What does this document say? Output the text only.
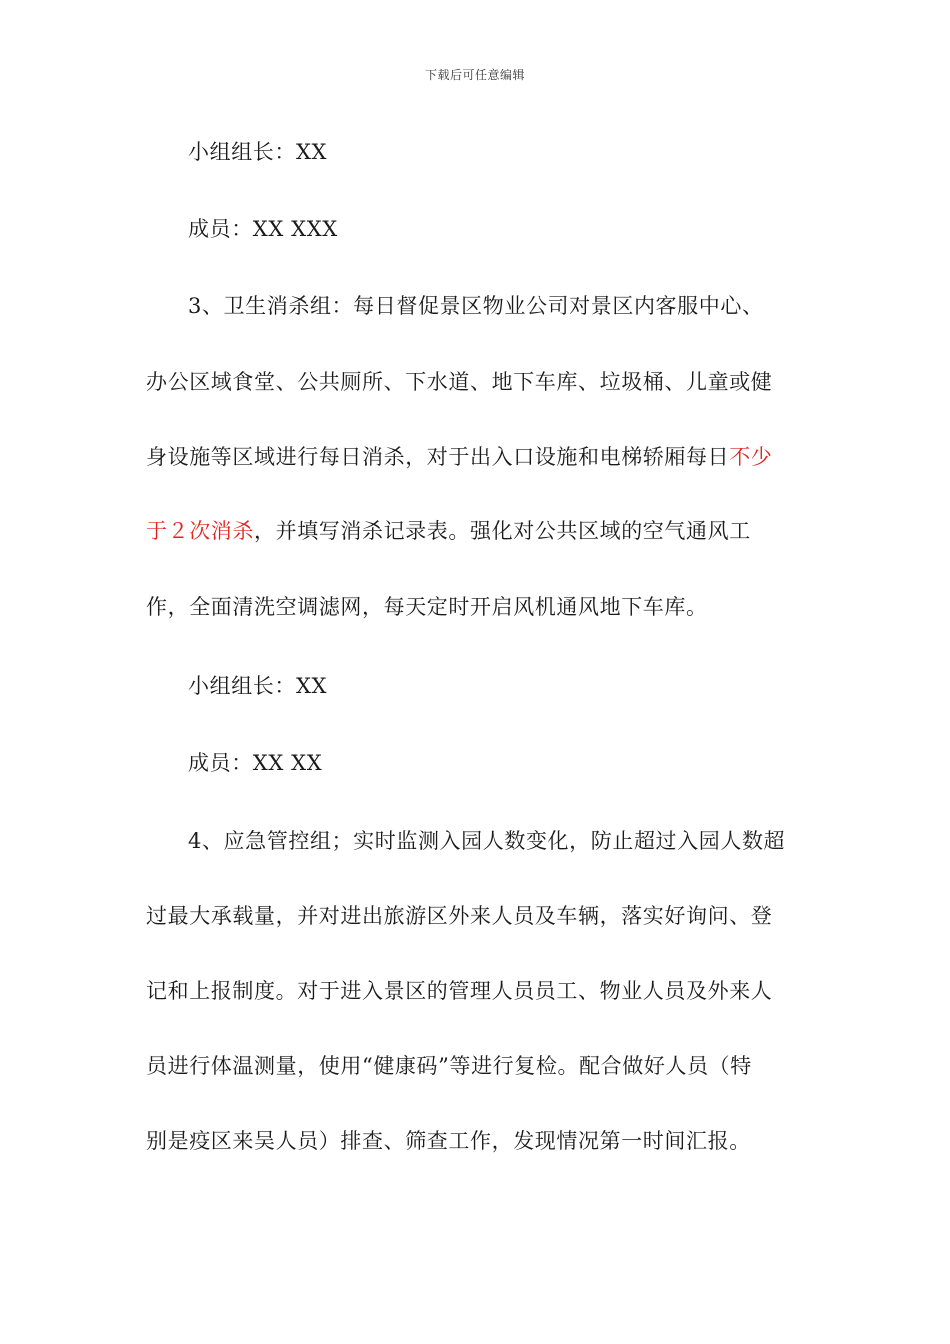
下载后可任意编辑
小组组长：XX
成员：XX XXX
3、卫生消杀组：每日督促景区物业公司对景区内客服中心、
办公区域食堂、公共厕所、下水道、地下车库、垃圾桶、儿童或健
身设施等区域进行每日消杀，对于出入口设施和电梯轿厢每日不少
于２次消杀，并填写消杀记录表。强化对公共区域的空气通风工
作，全面清洗空调滤网，每天定时开启风机通风地下车库。
小组组长：XX
成员：XX XX
4、应急管控组；实时监测入园人数变化，防止超过入园人数超
过最大承载量，并对进出旅游区外来人员及车辆，落实好询问、登
记和上报制度。对于进入景区的管理人员员工、物业人员及外来人
员进行体温测量，使用“健康码”等进行复检。配合做好人员（特
别是疫区来吴人员）排查、筛查工作，发现情况第一时间汇报。
